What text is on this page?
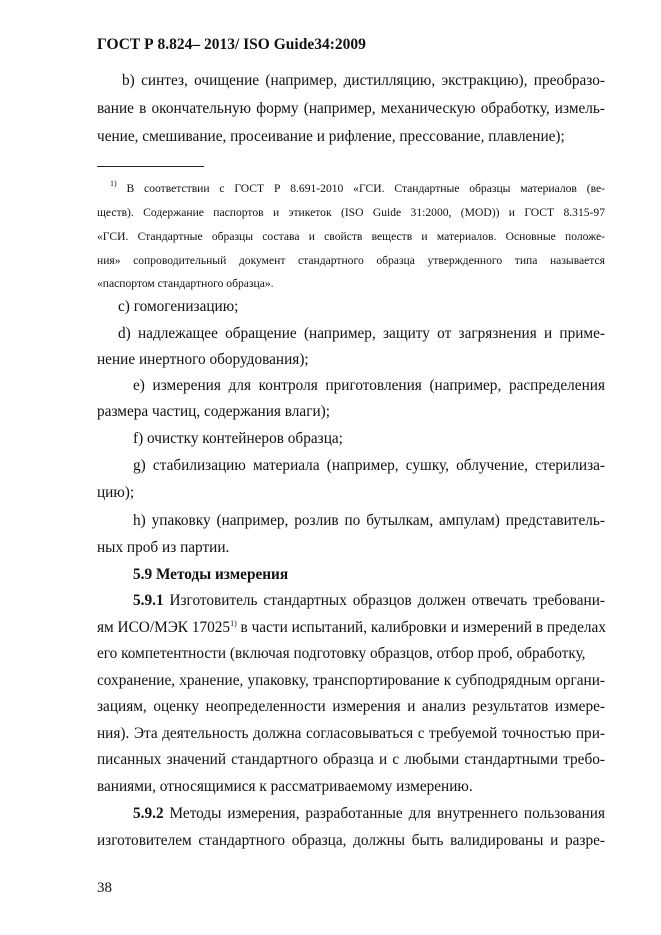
ГОСТ Р 8.824– 2013/ ISO Guide34:2009
b) синтез, очищение (например, дистилляцию, экстракцию), преобразо-
вание в окончательную форму (например, механическую обработку, измель-
чение, смешивание, просеивание и рифление, прессование, плавление);
$^{1)}$ В соответствии с ГОСТ Р 8.691-2010 «ГСИ. Стандартные образцы материалов (ве-
ществ). Содержание паспортов и этикеток (ISO Guide 31:2000, (MOD)) и ГОСТ 8.315-97
«ГСИ. Стандартные образцы состава и свойств веществ и материалов. Основные положе-
ния» сопроводительный документ стандартного образца утвержденного типа называется
«паспортом стандартного образца».
c) гомогенизацию;
d) надлежащее обращение (например, защиту от загрязнения и приме-
нение инертного оборудования);
e) измерения для контроля приготовления (например, распределения
размера частиц, содержания влаги);
f) очистку контейнеров образца;
g) стабилизацию материала (например, сушку, облучение, стерилиза-
цию);
h) упаковку (например, розлив по бутылкам, ампулам) представитель-
ных проб из партии.
5.9 Методы измерения
5.9.1 Изготовитель стандартных образцов должен отвечать требовани-
ям ИСО/МЭК 17025$^{1)}$ в части испытаний, калибровки и измерений в пределах
его компетентности (включая подготовку образцов, отбор проб, обработку,
сохранение, хранение, упаковку, транспортирование к субподрядным органи-
зациям, оценку неопределенности измерения и анализ результатов измере-
ния). Эта деятельность должна согласовываться с требуемой точностью при-
писанных значений стандартного образца и с любыми стандартными требо-
ваниями, относящимися к рассматриваемому измерению.
5.9.2 Методы измерения, разработанные для внутреннего пользования
изготовителем стандартного образца, должны быть валидированы и разре-
38
